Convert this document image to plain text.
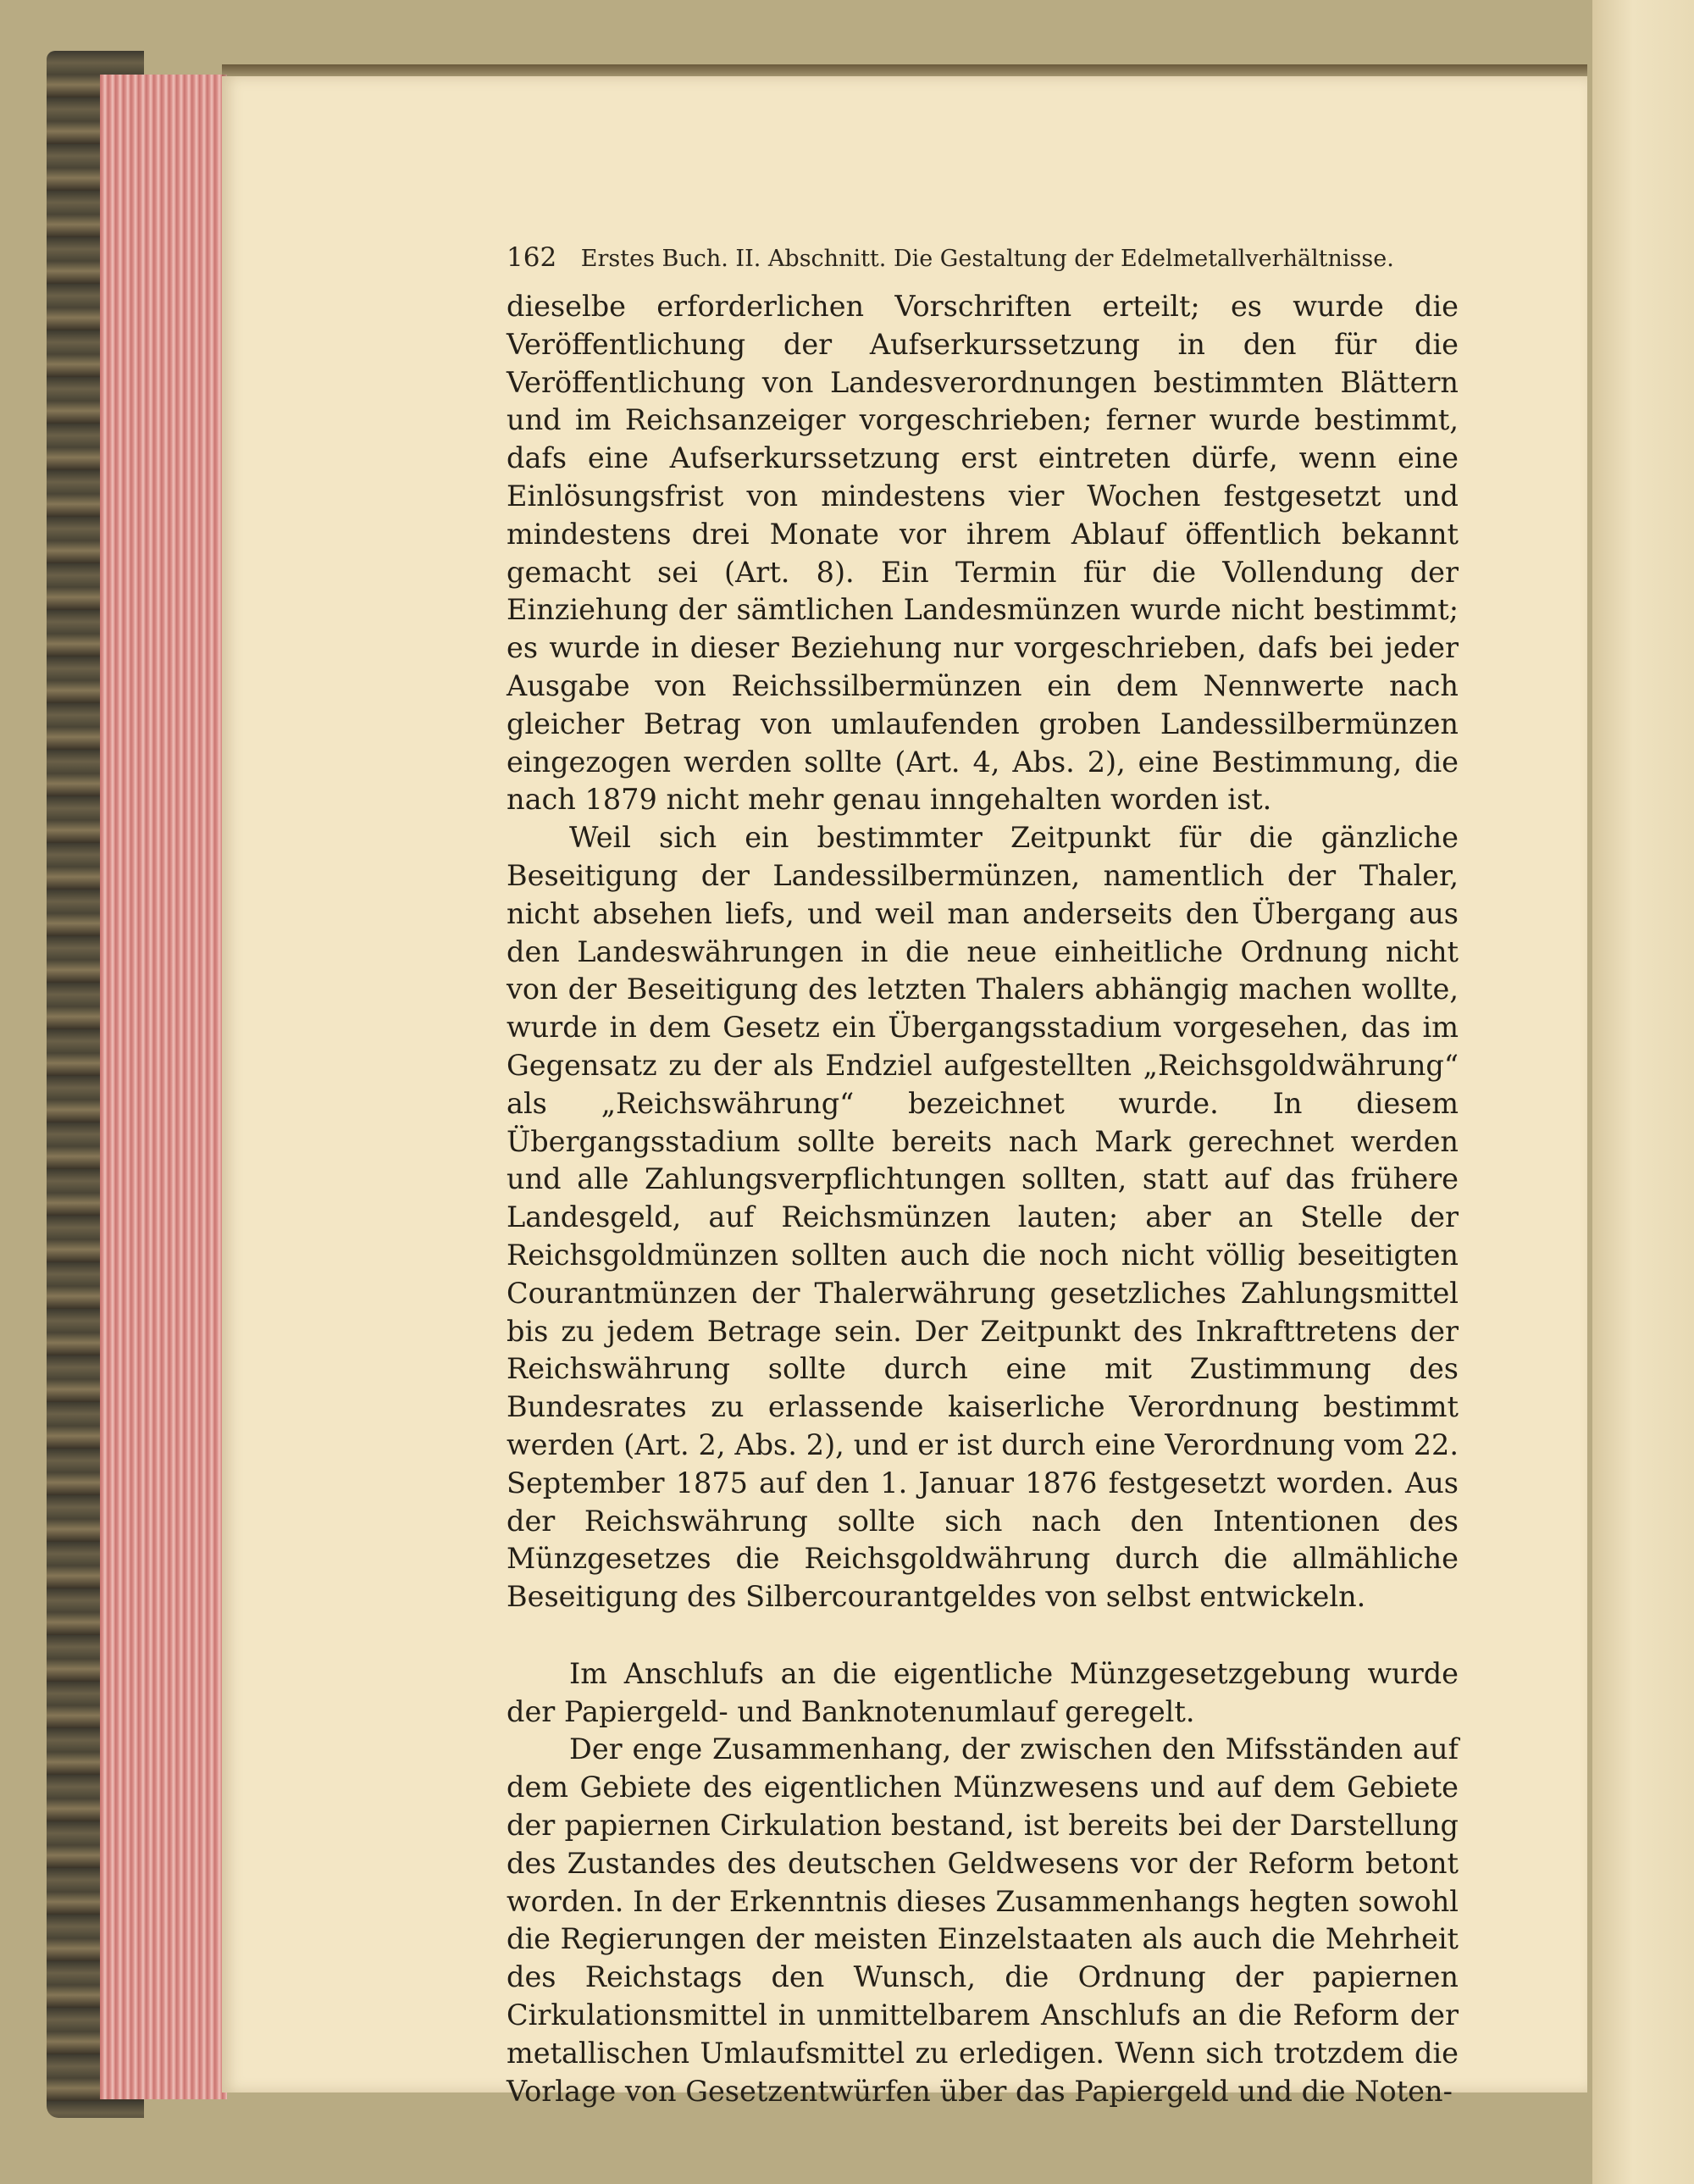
162 Erstes Buch. II. Abschnitt. Die Gestaltung der Edelmetallverhältnisse.

dieselbe erforderlichen Vorschriften erteilt; es wurde die Veröffentlichung der Aufserkurssetzung in den für die Veröffentlichung von Landesverordnungen bestimmten Blättern und im Reichsanzeiger vorgeschrieben; ferner wurde bestimmt, dafs eine Aufserkurssetzung erst eintreten dürfe, wenn eine Einlösungsfrist von mindestens vier Wochen festgesetzt und mindestens drei Monate vor ihrem Ablauf öffentlich bekannt gemacht sei (Art. 8). Ein Termin für die Vollendung der Einziehung der sämtlichen Landesmünzen wurde nicht bestimmt; es wurde in dieser Beziehung nur vorgeschrieben, dafs bei jeder Ausgabe von Reichssilbermünzen ein dem Nennwerte nach gleicher Betrag von umlaufenden groben Landessilbermünzen eingezogen werden sollte (Art. 4, Abs. 2), eine Bestimmung, die nach 1879 nicht mehr genau inngehalten worden ist.

Weil sich ein bestimmter Zeitpunkt für die gänzliche Beseitigung der Landessilbermünzen, namentlich der Thaler, nicht absehen liefs, und weil man anderseits den Übergang aus den Landeswährungen in die neue einheitliche Ordnung nicht von der Beseitigung des letzten Thalers abhängig machen wollte, wurde in dem Gesetz ein Übergangsstadium vorgesehen, das im Gegensatz zu der als Endziel aufgestellten „Reichsgoldwährung“ als „Reichswährung“ bezeichnet wurde. In diesem Übergangsstadium sollte bereits nach Mark gerechnet werden und alle Zahlungsverpflichtungen sollten, statt auf das frühere Landesgeld, auf Reichsmünzen lauten; aber an Stelle der Reichsgoldmünzen sollten auch die noch nicht völlig beseitigten Courantmünzen der Thalerwährung gesetzliches Zahlungsmittel bis zu jedem Betrage sein. Der Zeitpunkt des Inkrafttretens der Reichswährung sollte durch eine mit Zustimmung des Bundesrates zu erlassende kaiserliche Verordnung bestimmt werden (Art. 2, Abs. 2), und er ist durch eine Verordnung vom 22. September 1875 auf den 1. Januar 1876 festgesetzt worden. Aus der Reichswährung sollte sich nach den Intentionen des Münzgesetzes die Reichsgoldwährung durch die allmähliche Beseitigung des Silbercourantgeldes von selbst entwickeln.

Im Anschlufs an die eigentliche Münzgesetzgebung wurde der Papiergeld- und Banknotenumlauf geregelt.

Der enge Zusammenhang, der zwischen den Mifsständen auf dem Gebiete des eigentlichen Münzwesens und auf dem Gebiete der papiernen Cirkulation bestand, ist bereits bei der Darstellung des Zustandes des deutschen Geldwesens vor der Reform betont worden. In der Erkenntnis dieses Zusammenhangs hegten sowohl die Regierungen der meisten Einzelstaaten als auch die Mehrheit des Reichstags den Wunsch, die Ordnung der papiernen Cirkulationsmittel in unmittelbarem Anschlufs an die Reform der metallischen Umlaufsmittel zu erledigen. Wenn sich trotzdem die Vorlage von Gesetzentwürfen über das Papiergeld und die Noten-
